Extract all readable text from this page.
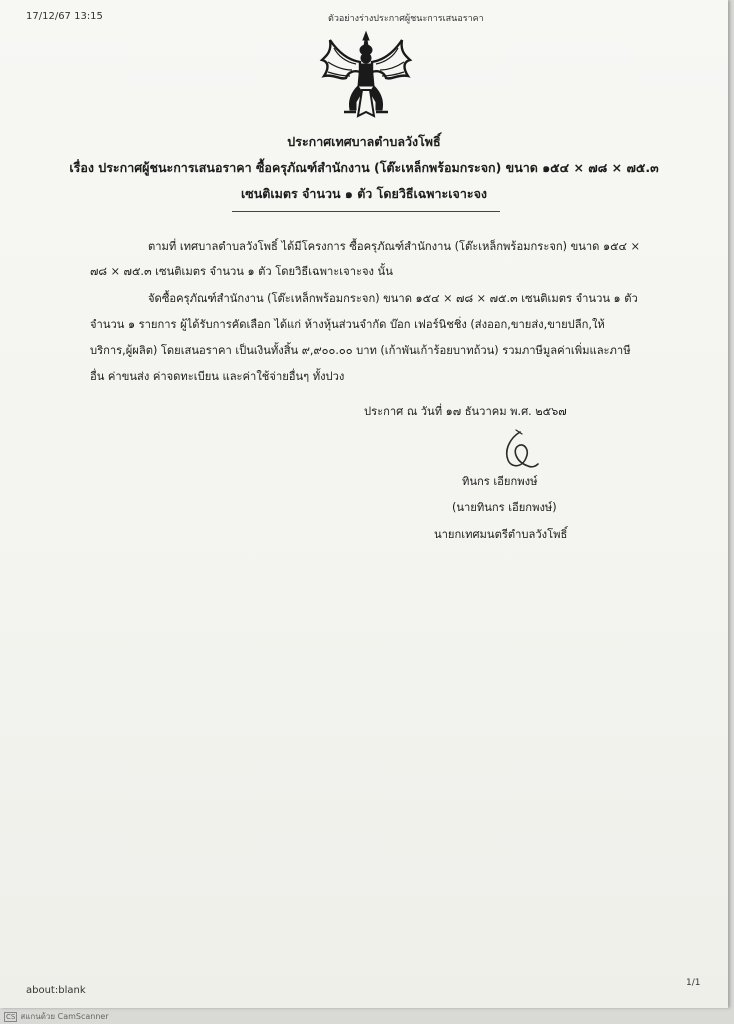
17/12/67 13:15	ตัวอย่างร่างประกาศผู้ชนะการเสนอราคา
ประกาศเทศบาลตำบลวังโพธิ์
เรื่อง ประกาศผู้ชนะการเสนอราคา ซื้อครุภัณฑ์สำนักงาน (โต๊ะเหล็กพร้อมกระจก) ขนาด ๑๕๔ × ๗๘ × ๗๕.๓
เซนติเมตร จำนวน ๑ ตัว โดยวิธีเฉพาะเจาะจง
ตามที่ เทศบาลตำบลวังโพธิ์ ได้มีโครงการ ซื้อครุภัณฑ์สำนักงาน (โต๊ะเหล็กพร้อมกระจก) ขนาด ๑๕๔ ×
๗๘ × ๗๕.๓ เซนติเมตร จำนวน ๑ ตัว โดยวิธีเฉพาะเจาะจง นั้น
จัดซื้อครุภัณฑ์สำนักงาน (โต๊ะเหล็กพร้อมกระจก) ขนาด ๑๕๔ × ๗๘ × ๗๕.๓ เซนติเมตร จำนวน ๑ ตัว
จำนวน ๑ รายการ ผู้ได้รับการคัดเลือก ได้แก่ ห้างหุ้นส่วนจำกัด บ๊อก เฟอร์นิชชิ่ง (ส่งออก,ขายส่ง,ขายปลีก,ให้
บริการ,ผู้ผลิต) โดยเสนอราคา เป็นเงินทั้งสิ้น ๙,๙๐๐.๐๐ บาท (เก้าพันเก้าร้อยบาทถ้วน) รวมภาษีมูลค่าเพิ่มและภาษี
อื่น ค่าขนส่ง ค่าจดทะเบียน และค่าใช้จ่ายอื่นๆ ทั้งปวง
ประกาศ ณ วันที่ ๑๗ ธันวาคม พ.ศ. ๒๕๖๗
ทินกร เอียกพงษ์
(นายทินกร เอียกพงษ์)
นายกเทศมนตรีตำบลวังโพธิ์
about:blank
1/1
CS สแกนด้วย CamScanner
